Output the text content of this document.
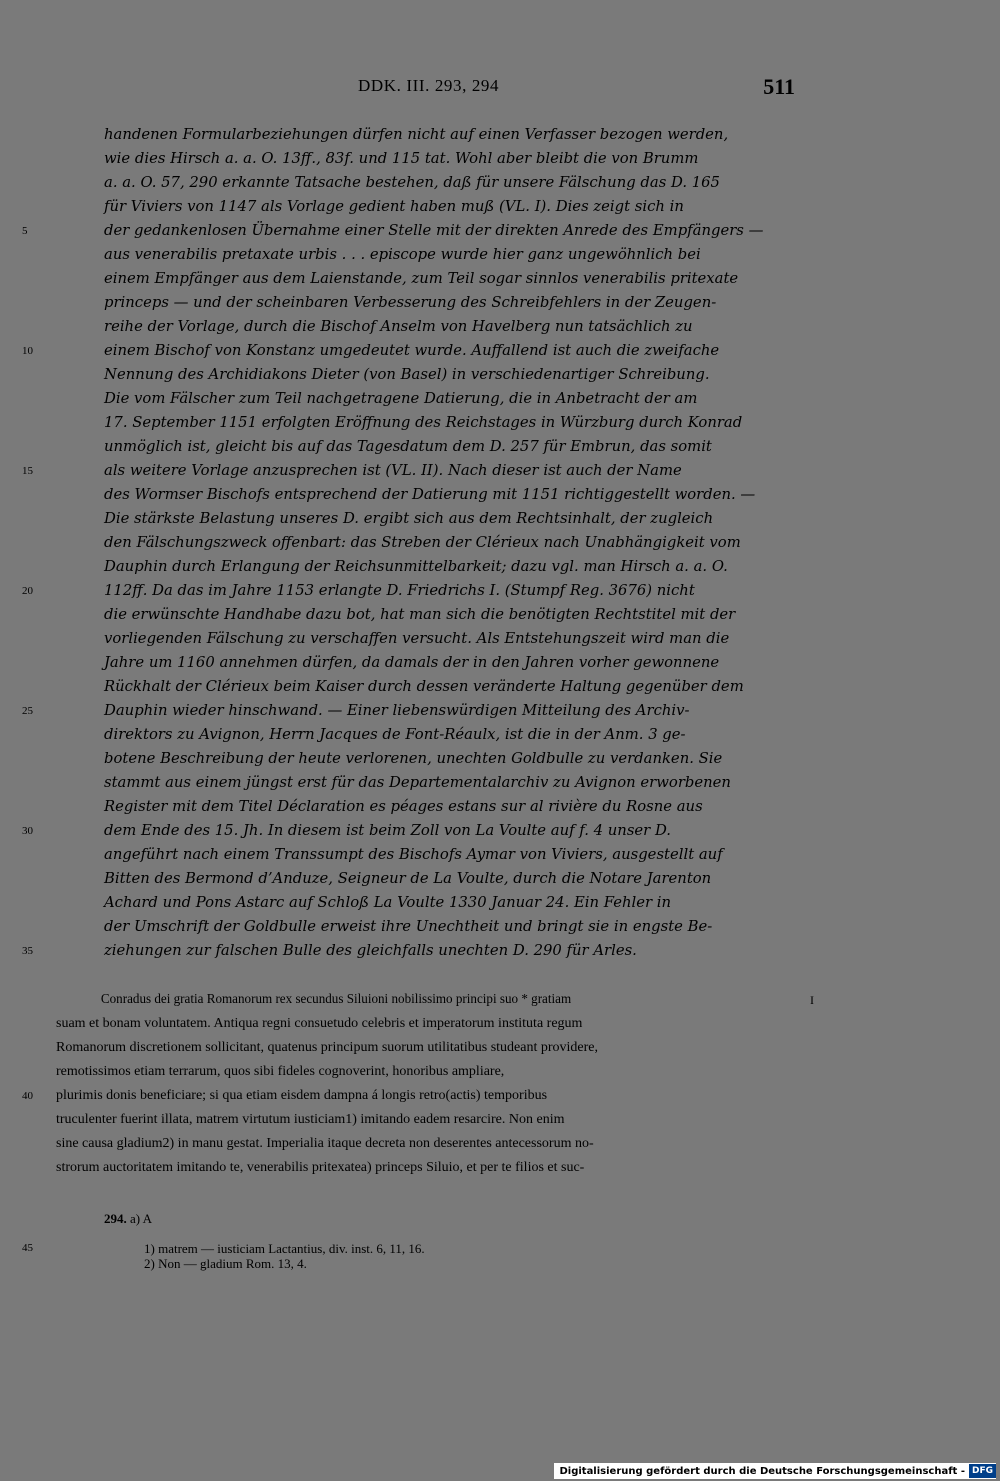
DDK. III. 293, 294	511
5
10
15
20
25
30
35
40
45
handenen Formularbeziehungen dürfen nicht auf einen Verfasser bezogen werden,
wie dies Hirsch a. a. O. 13ff., 83f. und 115 tat. Wohl aber bleibt die von Brumm
a. a. O. 57, 290 erkannte Tatsache bestehen, daß für unsere Fälschung das D. 165
für Viviers von 1147 als Vorlage gedient haben muß (VL. I). Dies zeigt sich in
der gedankenlosen Übernahme einer Stelle mit der direkten Anrede des Empfängers —
aus venerabilis pretaxate urbis . . . episcope wurde hier ganz ungewöhnlich bei
einem Empfänger aus dem Laienstande, zum Teil sogar sinnlos venerabilis pritexate
princeps — und der scheinbaren Verbesserung des Schreibfehlers in der Zeugen-
reihe der Vorlage, durch die Bischof Anselm von Havelberg nun tatsächlich zu
einem Bischof von Konstanz umgedeutet wurde. Auffallend ist auch die zweifache
Nennung des Archidiakons Dieter (von Basel) in verschiedenartiger Schreibung.
Die vom Fälscher zum Teil nachgetragene Datierung, die in Anbetracht der am
17. September 1151 erfolgten Eröffnung des Reichstages in Würzburg durch Konrad
unmöglich ist, gleicht bis auf das Tagesdatum dem D. 257 für Embrun, das somit
als weitere Vorlage anzusprechen ist (VL. II). Nach dieser ist auch der Name
des Wormser Bischofs entsprechend der Datierung mit 1151 richtiggestellt worden. —
Die stärkste Belastung unseres D. ergibt sich aus dem Rechtsinhalt, der zugleich
den Fälschungszweck offenbart: das Streben der Clérieux nach Unabhängigkeit vom
Dauphin durch Erlangung der Reichsunmittelbarkeit; dazu vgl. man Hirsch a. a. O.
112ff. Da das im Jahre 1153 erlangte D. Friedrichs I. (Stumpf Reg. 3676) nicht
die erwünschte Handhabe dazu bot, hat man sich die benötigten Rechtstitel mit der
vorliegenden Fälschung zu verschaffen versucht. Als Entstehungszeit wird man die
Jahre um 1160 annehmen dürfen, da damals der in den Jahren vorher gewonnene
Rückhalt der Clérieux beim Kaiser durch dessen veränderte Haltung gegenüber dem
Dauphin wieder hinschwand. — Einer liebenswürdigen Mitteilung des Archiv-
direktors zu Avignon, Herrn Jacques de Font-Réaulx, ist die in der Anm. 3 ge-
botene Beschreibung der heute verlorenen, unechten Goldbulle zu verdanken. Sie
stammt aus einem jüngst erst für das Departementalarchiv zu Avignon erworbenen
Register mit dem Titel Déclaration es péages estans sur al rivière du Rosne aus
dem Ende des 15. Jh. In diesem ist beim Zoll von La Voulte auf f. 4 unser D.
angeführt nach einem Transsumpt des Bischofs Aymar von Viviers, ausgestellt auf
Bitten des Bermond d’Anduze, Seigneur de La Voulte, durch die Notare Jarenton
Achard und Pons Astarc auf Schloß La Voulte 1330 Januar 24. Ein Fehler in
der Umschrift der Goldbulle erweist ihre Unechtheit und bringt sie in engste Be-
ziehungen zur falschen Bulle des gleichfalls unechten D. 290 für Arles.
I
Conradus dei gratia Romanorum rex secundus Siluioni nobilissimo principi suo * gratiam
suam et bonam voluntatem. Antiqua regni consuetudo celebris et imperatorum instituta regum
Romanorum discretionem sollicitant, quatenus principum suorum utilitatibus studeant providere,
remotissimos etiam terrarum, quos sibi fideles cognoverint, honoribus ampliare,
plurimis donis beneficiare; si qua etiam eisdem dampna á longis retro(actis) temporibus
truculenter fuerint illata, matrem virtutum iusticiam1) imitando eadem resarcire. Non enim
sine causa gladium2) in manu gestat. Imperialia itaque decreta non deserentes antecessorum no-
strorum auctoritatem imitando te, venerabilis pritexatea) princeps Siluio, et per te filios et suc-
294. a) A
1) matrem — iusticiam Lactantius, div. inst. 6, 11, 16.
2) Non — gladium Rom. 13, 4.
Digitalisierung gefördert durch die Deutsche Forschungsgemeinschaft - DFG
